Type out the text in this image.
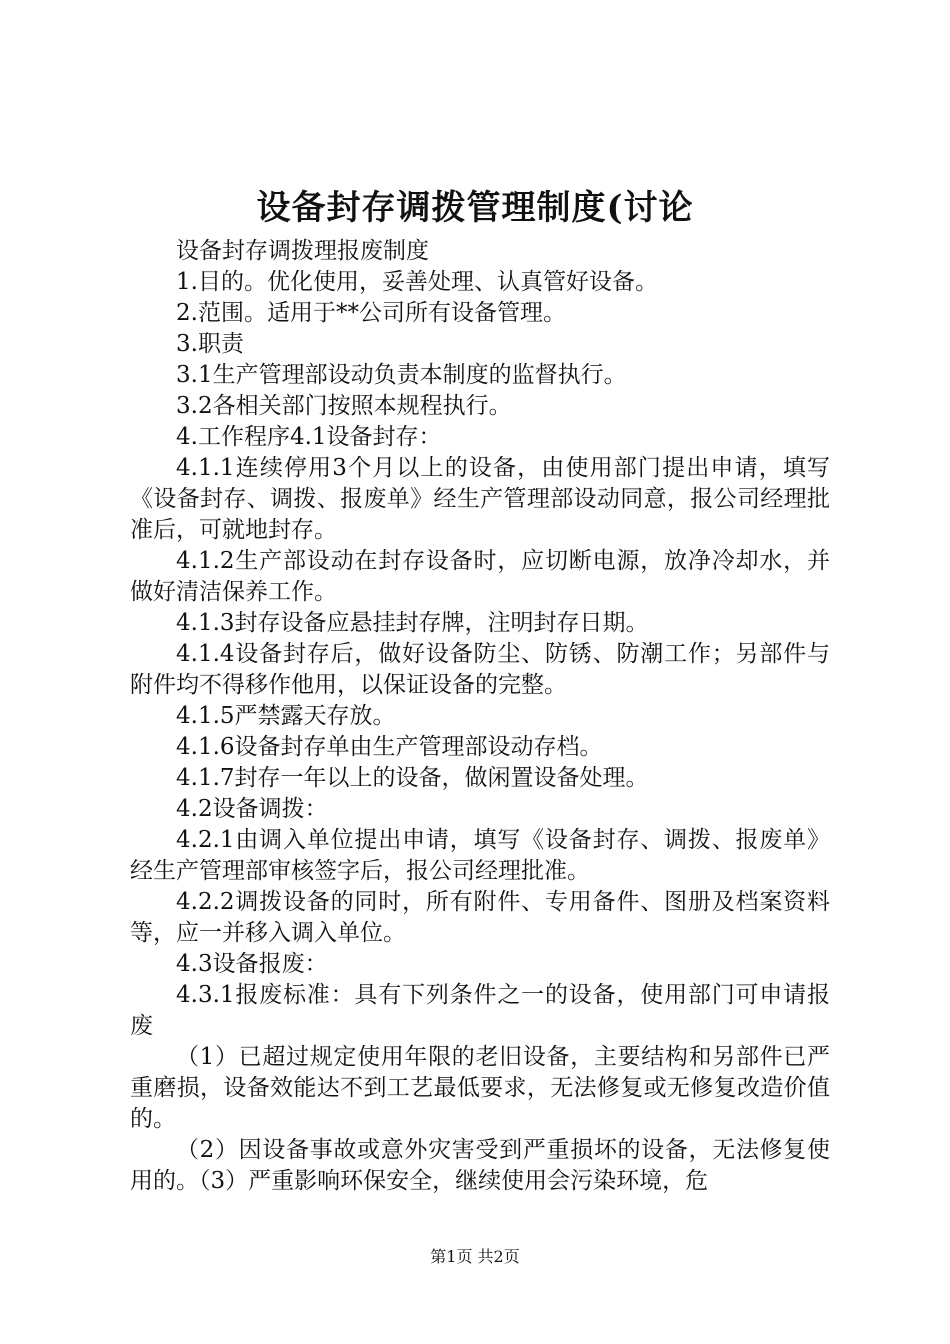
设备封存调拨管理制度(讨论

设备封存调拨理报废制度

1.目的。优化使用，妥善处理、认真管好设备。

2.范围。适用于**公司所有设备管理。

3.职责

3.1生产管理部设动负责本制度的监督执行。

3.2各相关部门按照本规程执行。

4.工作程序4.1设备封存：

4.1.1连续停用3个月以上的设备，由使用部门提出申请，填写《设备封存、调拨、报废单》经生产管理部设动同意，报公司经理批准后，可就地封存。

4.1.2生产部设动在封存设备时，应切断电源，放净冷却水，并做好清洁保养工作。

4.1.3封存设备应悬挂封存牌，注明封存日期。

4.1.4设备封存后，做好设备防尘、防锈、防潮工作；另部件与附件均不得移作他用，以保证设备的完整。

4.1.5严禁露天存放。

4.1.6设备封存单由生产管理部设动存档。

4.1.7封存一年以上的设备，做闲置设备处理。

4.2设备调拨：

4.2.1由调入单位提出申请，填写《设备封存、调拨、报废单》经生产管理部审核签字后，报公司经理批准。

4.2.2调拨设备的同时，所有附件、专用备件、图册及档案资料等，应一并移入调入单位。

4.3设备报废：

4.3.1报废标准：具有下列条件之一的设备，使用部门可申请报废

（1）已超过规定使用年限的老旧设备，主要结构和另部件已严重磨损，设备效能达不到工艺最低要求，无法修复或无修复改造价值的。

（2）因设备事故或意外灾害受到严重损坏的设备，无法修复使用的。（3）严重影响环保安全，继续使用会污染环境，危

第1页 共2页
